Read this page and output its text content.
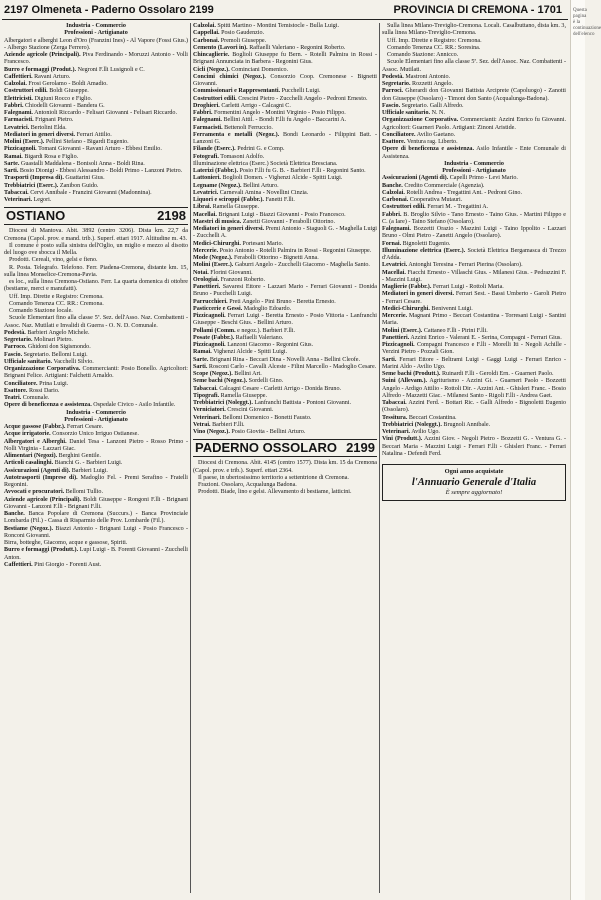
2197 Olmeneta - Paderno Ossolaro 2199	PROVINCIA DI CREMONA - 1701

Industria - Commercio

Professioni - Artigianato

Albergatori e alberghi Leon d'Oro (Franzini Ines) - Al Vapore (Fossi Gius.) - Albergo Stazione (Zerga Ferrero).

Aziende agricole (Principali). Piva Ferdinando - Moruzzi Antonio - Volli Francesco.

Burro e formaggi (Produt.). Negroni F.lli Lusignoli e C.

Caffettieri. Ravani Arturo.

Calzolai. Frosi Gerolamo - Boldi Amadio.

Costruttori edili. Boldi Giuseppe.

Elettricisti. Digiuni Rocco e Figlio.

Fabbri. Chiodelli Giovanni - Bandera G.

Falegnami. Antonioli Riccardo - Felisari Giovanni - Felisari Riccardo.

Farmacisti. Frignani Pietro.

Levatrici. Bertolini Elda.

Mediatori in generi diversi. Ferrari Attilio.

Molini (Eserc.). Pellini Stefano - Bigardi Eugenio.

Pizzicagnoli. Tomani Giovanni - Ravani Arturo - Ebbesi Emilio.

Ramai. Bigardi Rosa e Figlio.

Sarte. Guastalli Maddalena - Bonisoli Anna - Boldi Rina.

Sarti. Bosio Dionigi - Ebbesi Alessandro - Boldi Primo - Lanzoni Pietro.

Trasporti (Impresa di). Guattarini Gius.

Trebbiatrici (Eserc.). Zanibon Guido.

Tabaccai. Cervi Annibale - Franzini Giovanni (Madonnina).

Veterinari. Legori.

OSTIANO	2198

Diocesi di Mantova. Abit. 3892 (centro 3206). Dista km. 22,7 da Cremona (Capol. prov. e mand. trib.). Superf. ettari 1917. Altitudine m. 43.

Il comune è posto sulla sinistra dell'Oglio, un miglio e mezzo al disotto del luogo ove sbocca il Mella.

Prodotti. Cereali, vino, gelsi e fieno.

R. Posta. Telegrafo. Telefono. Ferr. Piadena-Cremona, distante km. 15, sulla linea Monselice-Cremona-Pavia.

es loc., sulla linea Cremona-Ostiano. Ferr. La quarta domenica di ottobre (bestiame, merci e manufatti).

Uff. Imp. Dirette e Registro: Cremona.

Comando Tenenza CC. RR.: Cremona.

Comando Stazione locale.

Scuole Elementari fino alla classe 5ª. Sez. dell'Asso. Naz. Combattenti - Assoc. Naz. Mutilati e Invalidi di Guerra - O. N. D. Comunale.

Podestà. Barbieri Angelo Michele.

Segretario. Molinari Pietro.

Parroco. Ghidoni don Sigismondo.

Fascio. Segretario. Bellomi Luigi.

Ufficiale sanitario. Vacchelli Silvio.

Organizzazione Corporativa. Commercianti: Posio Bonello. Agricoltori: Brignani Felice. Artigiani: Falchetti Arnaldo.

Conciliatore. Prina Luigi.

Esattore. Rossi Dario.

Teatri. Comunale.

Opere di beneficenza e assistenza. Ospedale Civico - Asilo Infantile.

Industria - Commercio

Professioni - Artigianato

Acque gassose (Fabbr.). Ferrari Cesare.

Acque irrigatorie. Consorzio Unico Irriguo Ostianese.

Albergatori e Alberghi. Daniel Tesa - Lanzoni Pietro - Rosso Primo - Nolli Virginia - Lazzari Giac.

Alimentari (Negozi). Berghini Gentile.

Articoli casalinghi. Bianchi G. - Barbieri Luigi.

Assicurazioni (Agenti di). Barbieri Luigi.

Autotrasporti (Imprese di). Madoglio Fel. - Premi Serafino - Fratelli Regonini.

Avvocati e procuratori. Bellomi Tullio.

Aziende agricole (Principali). Boldi Giuseppe - Rongoni F.lli - Brignani Giovanni - Lanzoni F.lli - Brignani F.lli.

Banche. Banca Popolare di Cremona (Succurs.) - Banca Provinciale Lombarda (Fil.) - Cassa di Risparmio delle Prov. Lombarde (Fil.).

Bestiame (Negoz.). Biazzi Antonio - Brignani Luigi - Posio Francesco - Ronconi Giovanni.

Birra, botteghe, Giacomo, acque e gassose, Spiriti.

Burro e formaggi (Produtt.). Lupi Luigi - B. Forenti Giovanni - Zucchelli Anton.

Caffettieri. Pini Giorgio - Forenti Aust.

Calzolai. Spitti Martino - Montini Temistocle - Bulla Luigi.

Cappellai. Posio Gaudenzio.

Carbonai. Premoli Giuseppe.

Cemento (Lavori in). Raffaelli Valeriano - Regonini Roberto.

Chincaglierie. Boglioli Giuseppe fu Bern. - Rotelli Palmira in Rossi - Brignani Annunciata in Barbera - Regonini Gius.

Cicli (Negoz.). Cominciani Domenico.

Concimi chimici (Negoz.). Consorzio Coop. Cremonese - Bignetti Giovanni.

Commissionari e Rappresentanti. Pucchelli Luigi.

Costruttori edili. Crescini Pietro - Zucchelli Angelo - Pedroni Ernesto.

Droghieri. Carletti Arrigo - Calcagni C.

Fabbri. Formentini Angelo - Montini Virginio - Posio Filippo.

Falegnami. Bellini Attil. - Bondi F.lli fu Angelo - Baccarini A.

Farmacisti. Bettenoli Ferruccio.

Ferramenta e metalli (Negoz.). Bondi Leonardo - Filippini Batt. - Lanzoni G.

Filande (Eserc.). Pedrini G. e Comp.

Fotografi. Tomasoni Adolfo.

Illuminazione elettrica (Eserc.) Società Elettrica Bresciana.

Laterizi (Fabbr.). Posio F.lli fu G. B. - Barbieri F.lli - Regonini Santo.

Lattonieri. Boglioli Domen. - Vighenzi Alcide - Spitti Luigi.

Legname (Negoz.). Bellini Arturo.

Levatrici. Carnevali Amina - Novellini Cinzia.

Liquori e sciroppi (Fabbr.). Fanetti F.lli.

Librai. Ramella Giuseppe.

Macellai. Brignani Luigi - Biazzi Giovanni - Posio Francesco.

Maestri di musica. Zanetti Giovanni - Ferabolli Ottorino.

Mediatori in generi diversi. Premi Antonio - Staguoli G. - Maghella Luigi - Zucchelli A.

Medici-Chirurghi. Portesani Mario.

Mercerie. Posio Antonio - Rotelli Palmira in Rossi - Regonini Giuseppe.

Mode (Negoz.). Ferabolli Ottorino - Bignetti Anna.

Molini (Eserc.). Gaburri Angelo - Zucchelli Giacomo - Maghella Santo.

Notai. Florini Giovanni.

Orologiai. Franzoni Roberto.

Panettieri. Savaresi Ettore - Lazzari Mario - Ferrari Giovanni - Donida Bruno - Pucchelli Luigi.

Parrucchieri. Preti Angelo - Pini Bruno - Beretta Ernesto.

Pasticcerie e Gessi. Madoglio Edoardo.

Pizzicagnoli. Ferrari Luigi - Beretta Ernesto - Posio Vittoria - Lanfranchi Giuseppe - Beschi Gius. - Bellini Arturo.

Pollami (Comm. e negoz.). Barbieri F.lli.

Posate (Fabbr.). Raffaelli Valeriano.

Pizzicagnoli. Lanzoni Giacomo - Regonini Gius.

Ramai. Vighenzi Alcide - Spitti Luigi.

Sarte. Brignani Rina - Beccari Dina - Novelli Anna - Bellini Cleofe.

Sarti. Rosconi Carlo - Cavalli Alceste - Filini Marcello - Madoglio Cesare.

Scope (Negoz.). Bellini Art.

Seme bachi (Negoz.). Sordelli Gino.

Tabaccai. Calcagni Cesare - Carletti Arrigo - Donida Bruno.

Tipografi. Ramella Giuseppe.

Trebbiatrici (Noleggt.). Lanfranchi Battista - Pontoni Giovanni.

Verniciatori. Crescini Giovanni.

Veterinari. Bellomi Domenico - Bonetti Fausto.

Vetrai. Barbieri F.lli.

Vino (Negoz.). Posio Giovita - Bellini Arturo.

PADERNO OSSOLARO 2199

Diocesi di Cremona. Abit. 4145 (centro 1577). Dista km. 15 da Cremona (Capol. prov. e trib.). Superf. ettari 2364.

Il paese, in ubertosissimo territorio a settentrione di Cremona.

Frazioni. Ossolaro, Acqualunga Badona.

Prodotti. Biade, lino e gelsi. Allevamento di bestiame, latticini.

Sulla linea Milano-Treviglio-Cremona. Locali. Casalbuttano, dista km. 3, sulla linea Milano-Treviglio-Cremona.

Uff. Imp. Dirette e Registro: Cremona.

Comando Tenenza CC. RR.: Soresina.

Comando Stazione: Annicco.

Scuole Elementari fino alla classe 5ª. Sez. dell'Assoc. Naz. Combattenti - Assoc. Mutilati.

Podestà. Mastroni Antonio.

Segretario. Rozzetti Angelo.

Parroci. Gherardi don Giovanni Battista Arciprete (Capoluogo) - Zanotti don Giuseppe (Ossolaro) - Timoni don Santo (Acqualunga-Badona).

Fascio. Segretario. Galli Alfredo.

Ufficiale sanitario. N. N.

Organizzazione Corporativa. Commercianti: Azzini Enrico fu Giovanni. Agricoltori: Guarneri Paolo. Artigiani: Zinoni Aristide.

Conciliatore. Avilio Gaetano.

Esattore. Ventura rag. Liberto.

Opere di beneficenza e assistenza. Asilo Infantile - Ente Comunale di Assistenza.

Industria - Commercio

Professioni - Artigianato

Assicurazioni (Agenti di). Capelli Primo - Levi Mario.

Banche. Credito Commerciale (Agenzia).

Calzolai. Rotelli Andrea - Tregattini Ant. - Pedroni Gino.

Carbonai. Cooperativa Mutauri.

Costruttori edili. Ferrari M. - Tregattini A.

Fabbri. B. Broglio Silvio - Tano Ernesto - Taino Gius. - Martini Filippo e C. (a Iare) - Taino Stefano (Ossolaro).

Falegnami. Bozzetti Orazio - Mazzini Luigi - Taino Ippolito - Lazzari Bruno - Olmi Pietro - Zanetti Angelo (Ossolaro).

Fornai. Bignoletti Eugenio.

Illuminazione elettrica (Eserc.). Società Elettrica Bergamasca di Trezzo d'Adda.

Levatrici. Antonghi Teresina - Ferrari Pierina (Ossolaro).

Macellai. Fiacchi Ernesto - Villaschi Gius. - Milanesi Gius. - Pedrazzini F. - Mazzini Luigi.

Maglierie (Fabbr.). Ferrari Luigi - Rottoli Maria.

Mediatori in generi diversi. Ferrari Sest. - Bassi Umberto - Garoli Pietro - Ferrari Cesare.

Medici-Chirurghi. Benivenni Luigi.

Mercerie. Magnani Primo - Beccari Costantina - Torresani Luigi - Santini Maria.

Molini (Eserc.). Cattaneo F.lli - Pirini F.lli.

Panettieri. Azzini Enrico - Valerani E. - Serina, Compagni - Ferrari Gius.

Pizzicagnoli. Compagni Francesco e F.lli - Morelli Iti - Negoli Achille - Verzini Pietro - Pozzali Gion.

Sarti. Ferrari Ettore - Beltrami Luigi - Gaggi Luigi - Ferrari Enrico - Marini Aldo - Avilio Ugo.

Seme bachi (Produtt.). Ruinardi F.lli - Geroldi Ern. - Guarneri Paolo.

Suini (Allevam.). Agriturismo - Azzini Gi. - Guarneri Paolo - Bozzetti Angelo - Ardigo Attilio - Rottoli Dir. - Azzini Ant. - Ghisleri Franc. - Bosio Alfredo - Mazzetti Giac. - Milanesi Santo - Rigoli F.lli - Andrea Gaet.

Tabaccai. Azzini Ferd. - Bottari Ric. - Galli Alfredo - Bignoletti Eugenio (Ossolaro).

Tessitura. Beccari Costantina.

Trebbiatrici (Noleggt.). Brugnoli Annibale.

Veterinari. Avilio Ugo.

Vini (Produtt.). Azzini Giov. - Negoli Pietro - Bozzetti G. - Ventura G. - Beccari Maria - Mazzini Luigi - Ferrari F.lli - Ghisleri Franc. - Ferrari Natalina - Defendi Ferd.

Ogni anno acquistate
l'Annuario Generale d'Italia
È sempre aggiornato!
Questa pagina è la continuazione dell'elenco
